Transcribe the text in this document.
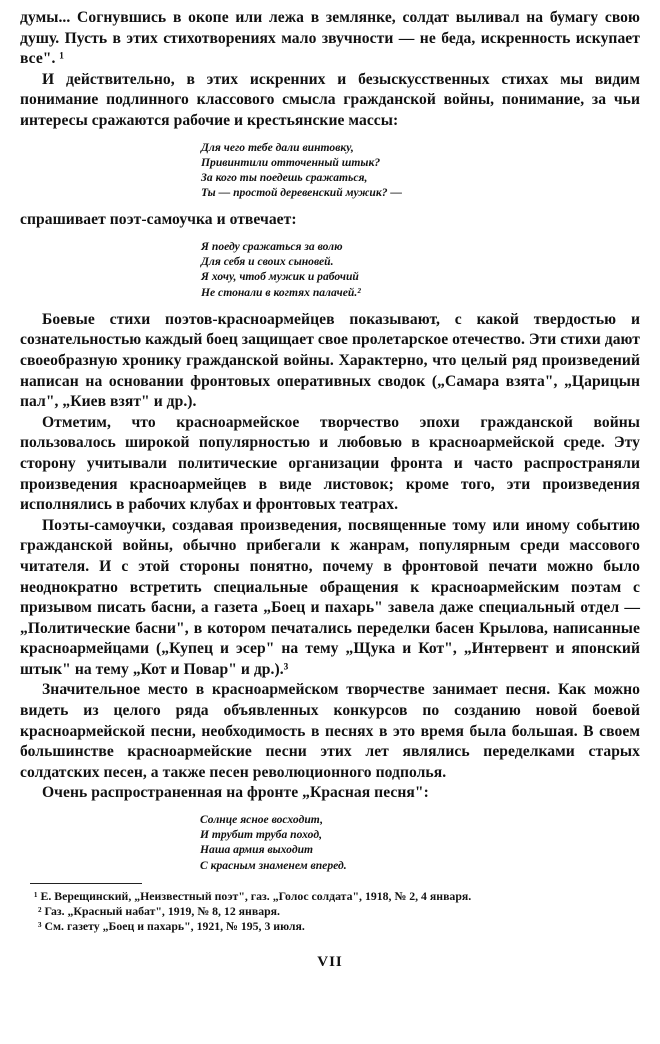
думы... Согнувшись в окопе или лежа в землянке, солдат выливал на бумагу свою душу. Пусть в этих стихотворениях мало звучности — не беда, искренность искупает все". ¹

И действительно, в этих искренних и безыскусственных стихах мы видим понимание подлинного классового смысла гражданской войны, понимание, за чьи интересы сражаются рабочие и крестьянские массы:

Для чего тебе дали винтовку,
Привинтили отточенный штык?
За кого ты поедешь сражаться,
Ты — простой деревенский мужик? —

спрашивает поэт-самоучка и отвечает:

Я поеду сражаться за волю
Для себя и своих сыновей.
Я хочу, чтоб мужик и рабочий
Не стонали в когтях палачей.²

Боевые стихи поэтов-красноармейцев показывают, с какой твердостью и сознательностью каждый боец защищает свое пролетарское отечество. Эти стихи дают своеобразную хронику гражданской войны. Характерно, что целый ряд произведений написан на основании фронтовых оперативных сводок („Самара взята", „Царицын пал", „Киев взят" и др.).

Отметим, что красноармейское творчество эпохи гражданской войны пользовалось широкой популярностью и любовью в красноармейской среде. Эту сторону учитывали политические организации фронта и часто распространяли произведения красноармейцев в виде листовок; кроме того, эти произведения исполнялись в рабочих клубах и фронтовых театрах.

Поэты-самоучки, создавая произведения, посвященные тому или иному событию гражданской войны, обычно прибегали к жанрам, популярным среди массового читателя. И с этой стороны понятно, почему в фронтовой печати можно было неоднократно встретить специальные обращения к красноармейским поэтам с призывом писать басни, а газета „Боец и пахарь" завела даже специальный отдел — „Политические басни", в котором печатались переделки басен Крылова, написанные красноармейцами („Купец и эсер" на тему „Щука и Кот", „Интервент и японский штык" на тему „Кот и Повар" и др.).³

Значительное место в красноармейском творчестве занимает песня. Как можно видеть из целого ряда объявленных конкурсов по созданию новой боевой красноармейской песни, необходимость в песнях в это время была большая. В своем большинстве красноармейские песни этих лет являлись переделками старых солдатских песен, а также песен революционного подполья.

Очень распространенная на фронте „Красная песня":

Солнце ясное восходит,
И трубит труба поход,
Наша армия выходит
С красным знаменем вперед.

¹ Е. Верещинский, „Неизвестный поэт", газ. „Голос солдата", 1918, № 2, 4 января.

² Газ. „Красный набат", 1919, № 8, 12 января.

³ См. газету „Боец и пахарь", 1921, № 195, 3 июля.

VII
